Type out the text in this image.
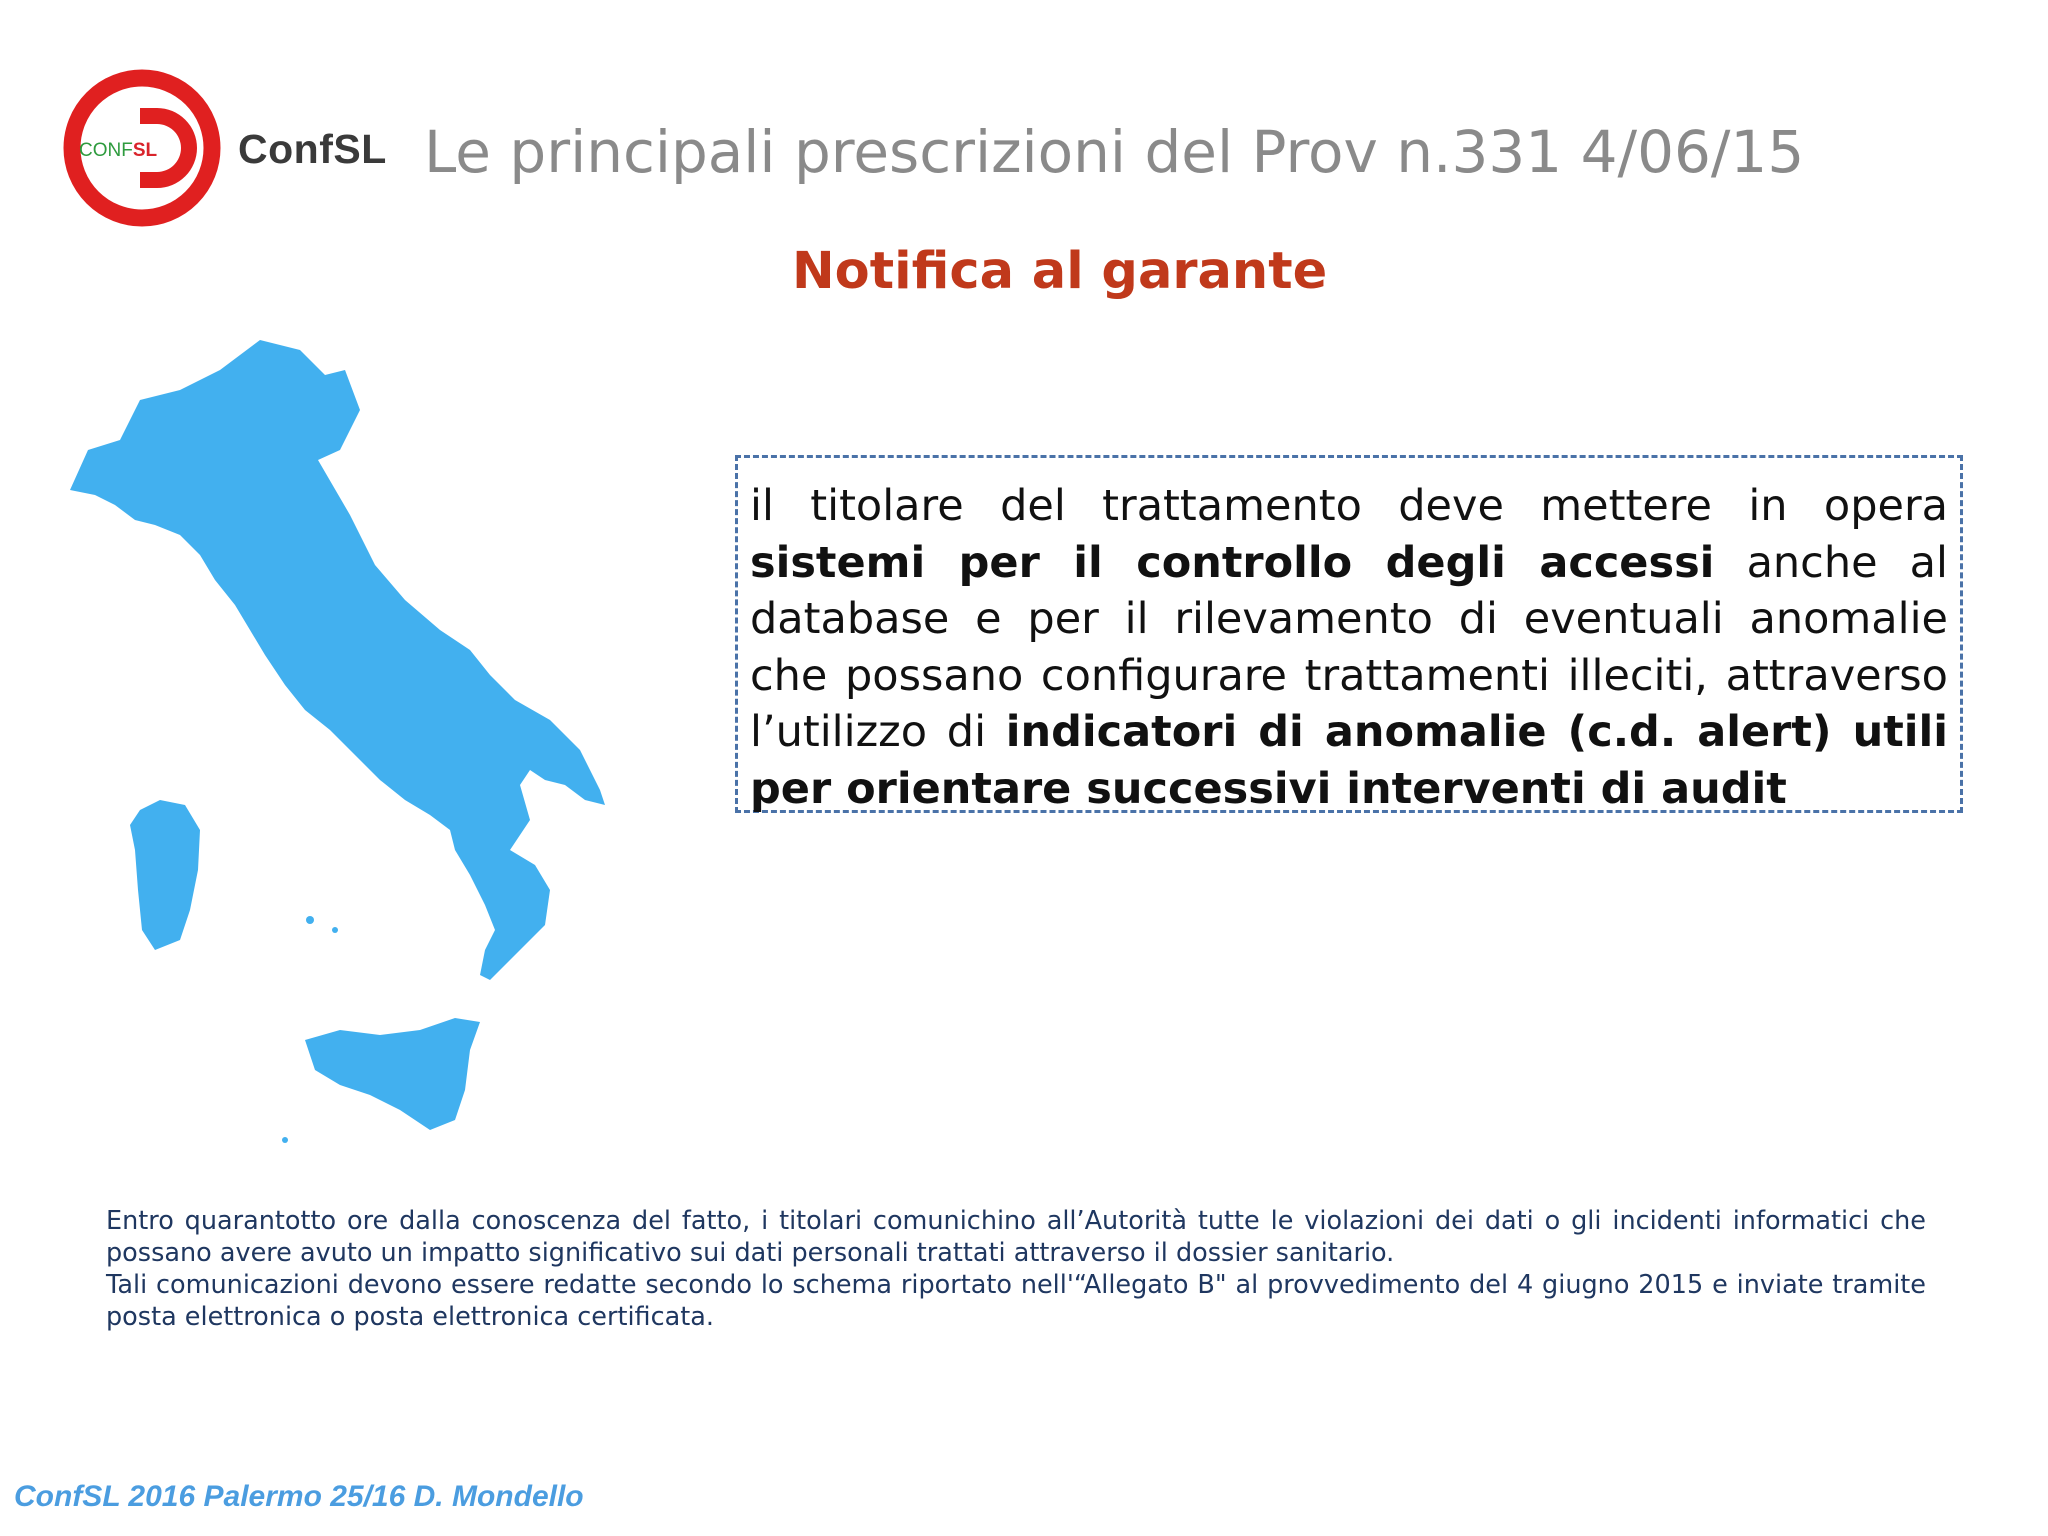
CONFSL ConfSL Le principali prescrizioni del Prov n.331 4/06/15
Notifica al garante
il titolare del trattamento deve mettere in opera
sistemi per il controllo degli accessi anche al
database e per il rilevamento di eventuali anomalie
che possano configurare trattamenti illeciti, attraverso
l’utilizzo di indicatori di anomalie (c.d. alert) utili
per orientare successivi interventi di audit
Entro quarantotto ore dalla conoscenza del fatto, i titolari comunichino all’Autorità tutte le violazioni dei dati o gli incidenti informatici che
possano avere avuto un impatto significativo sui dati personali trattati attraverso il dossier sanitario.
Tali comunicazioni devono essere redatte secondo lo schema riportato nell'“Allegato B" al provvedimento del 4 giugno 2015 e inviate tramite
posta elettronica o posta elettronica certificata.
ConfSL 2016 Palermo 25/16 D. Mondello
